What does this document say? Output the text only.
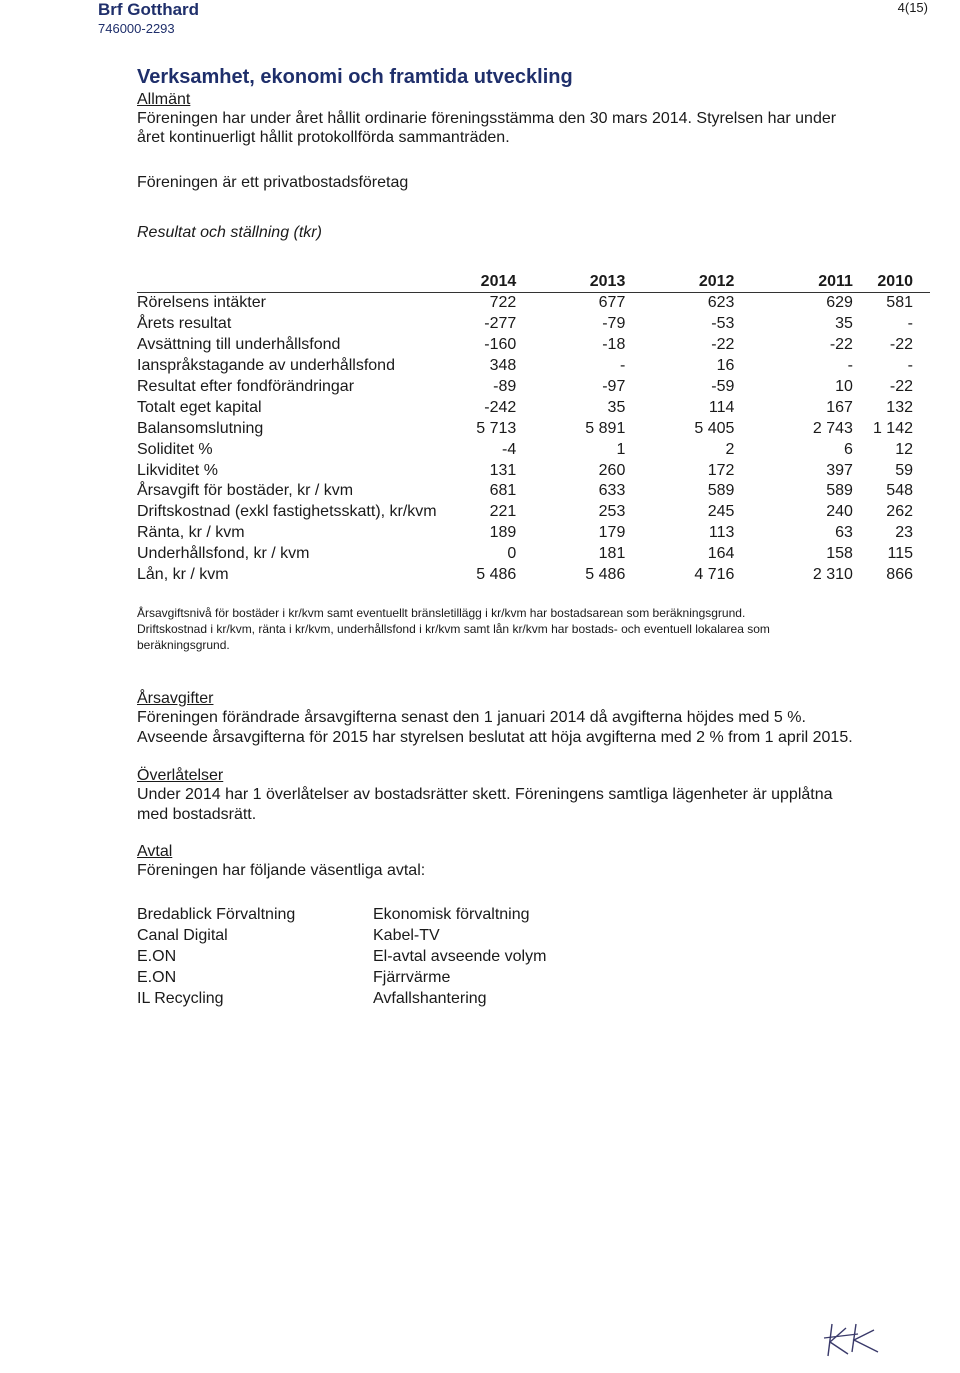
Brf Gotthard
746000-2293
4(15)
Verksamhet, ekonomi och framtida utveckling
Allmänt
Föreningen har under året hållit ordinarie föreningsstämma den 30 mars 2014. Styrelsen har under
året kontinuerligt hållit protokollförda sammanträden.
Föreningen är ett privatbostadsföretag
Resultat och ställning (tkr)
	2014	2013	2012	2011	2010
Rörelsens intäkter	722	677	623	629	581
Årets resultat	-277	-79	-53	35	-
Avsättning till underhållsfond	-160	-18	-22	-22	-22
Ianspråkstagande av underhållsfond	348	-	16	-	-
Resultat efter fondförändringar	-89	-97	-59	10	-22
Totalt eget kapital	-242	35	114	167	132
Balansomslutning	5 713	5 891	5 405	2 743	1 142
Soliditet %	-4	1	2	6	12
Likviditet %	131	260	172	397	59
Årsavgift för bostäder, kr / kvm	681	633	589	589	548
Driftskostnad (exkl fastighetsskatt), kr/kvm	221	253	245	240	262
Ränta, kr / kvm	189	179	113	63	23
Underhållsfond, kr / kvm	0	181	164	158	115
Lån, kr / kvm	5 486	5 486	4 716	2 310	866
Årsavgiftsnivå för bostäder i kr/kvm samt eventuellt bränsletillägg i kr/kvm har bostadsarean som beräkningsgrund.
Driftskostnad i kr/kvm, ränta i kr/kvm, underhållsfond i kr/kvm samt lån kr/kvm har bostads- och eventuell lokalarea som
beräkningsgrund.
Årsavgifter
Föreningen förändrade årsavgifterna senast den 1 januari 2014 då avgifterna höjdes med 5 %.
Avseende årsavgifterna för 2015 har styrelsen beslutat att höja avgifterna med 2 % from 1 april 2015.
Överlåtelser
Under 2014 har 1 överlåtelser av bostadsrätter skett. Föreningens samtliga lägenheter är upplåtna
med bostadsrätt.
Avtal
Föreningen har följande väsentliga avtal:
Bredablick Förvaltning	Ekonomisk förvaltning
Canal Digital	Kabel-TV
E.ON	El-avtal avseende volym
E.ON	Fjärrvärme
IL Recycling	Avfallshantering
